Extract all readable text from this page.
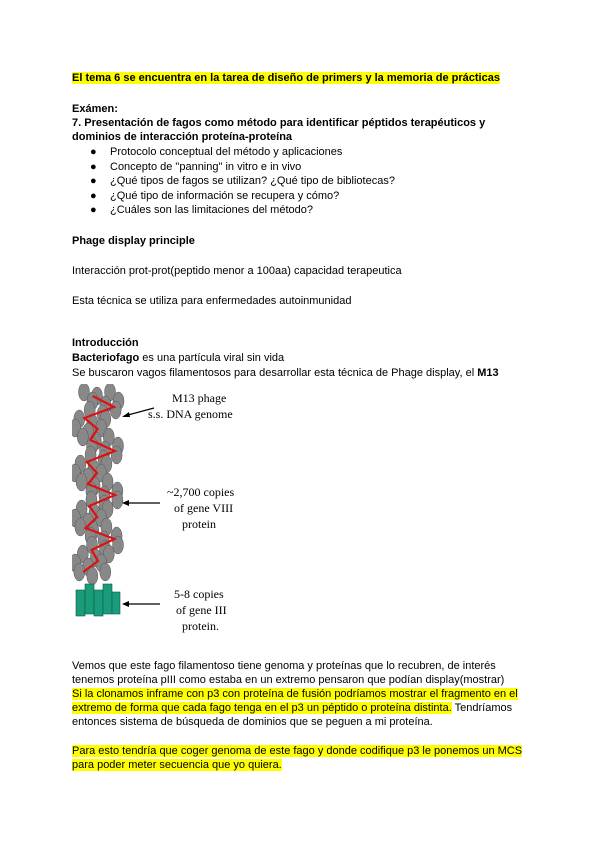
El tema 6 se encuentra en la tarea de diseño de primers y la memoria de prácticas
Exámen:
7. Presentación de fagos como método para identificar péptidos terapéuticos y
dominios de interacción proteína-proteína
● Protocolo conceptual del método y aplicaciones
● Concepto de "panning" in vitro e in vivo
● ¿Qué tipos de fagos se utilizan? ¿Qué tipo de bibliotecas?
● ¿Qué tipo de información se recupera y cómo?
● ¿Cuáles son las limitaciones del método?
Phage display principle
Interacción prot-prot(peptido menor a 100aa) capacidad terapeutica
Esta técnica se utiliza para enfermedades autoinmunidad
Introducción
Bacteriofago es una partícula viral sin vida
Se buscaron vagos filamentosos para desarrollar esta técnica de Phage display, el M13
M13 phage
s.s. DNA genome
~2,700 copies
of gene VIII
protein
5-8 copies
of gene III
protein.
Vemos que este fago filamentoso tiene genoma y proteínas que lo recubren, de interés
tenemos proteína pIII como estaba en un extremo pensaron que podían display(mostrar)
Si la clonamos inframe con p3 con proteína de fusión podríamos mostrar el fragmento en el
extremo de forma que cada fago tenga en el p3 un péptido o proteína distinta. Tendríamos
entonces sistema de búsqueda de dominios que se peguen a mi proteína.
Para esto tendría que coger genoma de este fago y donde codifique p3 le ponemos un MCS
para poder meter secuencia que yo quiera.
